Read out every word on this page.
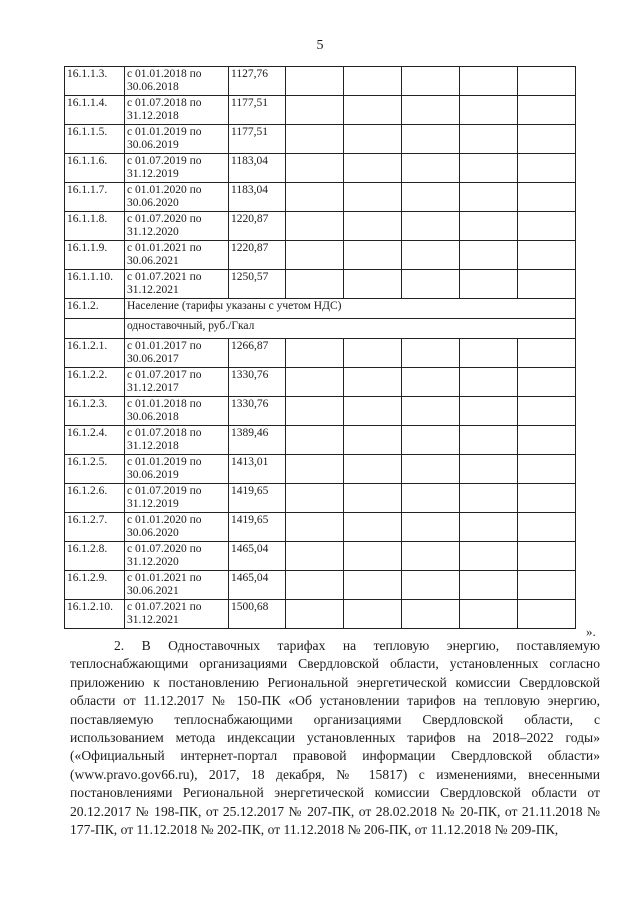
5
16.1.1.3.	с 01.01.2018 по
30.06.2018	1127,76					
16.1.1.4.	с 01.07.2018 по
31.12.2018	1177,51					
16.1.1.5.	с 01.01.2019 по
30.06.2019	1177,51					
16.1.1.6.	с 01.07.2019 по
31.12.2019	1183,04					
16.1.1.7.	с 01.01.2020 по
30.06.2020	1183,04					
16.1.1.8.	с 01.07.2020 по
31.12.2020	1220,87					
16.1.1.9.	с 01.01.2021 по
30.06.2021	1220,87					
16.1.1.10.	с 01.07.2021 по
31.12.2021	1250,57					
16.1.2.	Население (тарифы указаны с учетом НДС)						
	одноставочный, руб./Гкал						
16.1.2.1.	с 01.01.2017 по
30.06.2017	1266,87					
16.1.2.2.	с 01.07.2017 по
31.12.2017	1330,76					
16.1.2.3.	с 01.01.2018 по
30.06.2018	1330,76					
16.1.2.4.	с 01.07.2018 по
31.12.2018	1389,46					
16.1.2.5.	с 01.01.2019 по
30.06.2019	1413,01					
16.1.2.6.	с 01.07.2019 по
31.12.2019	1419,65					
16.1.2.7.	с 01.01.2020 по
30.06.2020	1419,65					
16.1.2.8.	с 01.07.2020 по
31.12.2020	1465,04					
16.1.2.9.	с 01.01.2021 по
30.06.2021	1465,04					
16.1.2.10.	с 01.07.2021 по
31.12.2021	1500,68					
».

2. В Одноставочных тарифах на тепловую энергию, поставляемую теплоснабжающими организациями Свердловской области, установленных согласно приложению к постановлению Региональной энергетической комиссии Свердловской области от 11.12.2017 № 150-ПК «Об установлении тарифов на тепловую энергию, поставляемую теплоснабжающими организациями Свердловской области, с использованием метода индексации установленных тарифов на 2018–2022 годы» («Официальный интернет-портал правовой информации Свердловской области» (www.pravo.gov66.ru), 2017, 18 декабря, № 15817) с изменениями, внесенными постановлениями Региональной энергетической комиссии Свердловской области от 20.12.2017 № 198-ПК, от 25.12.2017 № 207-ПК, от 28.02.2018 № 20-ПК, от 21.11.2018 № 177-ПК, от 11.12.2018 № 202-ПК, от 11.12.2018 № 206-ПК, от 11.12.2018 № 209-ПК,
